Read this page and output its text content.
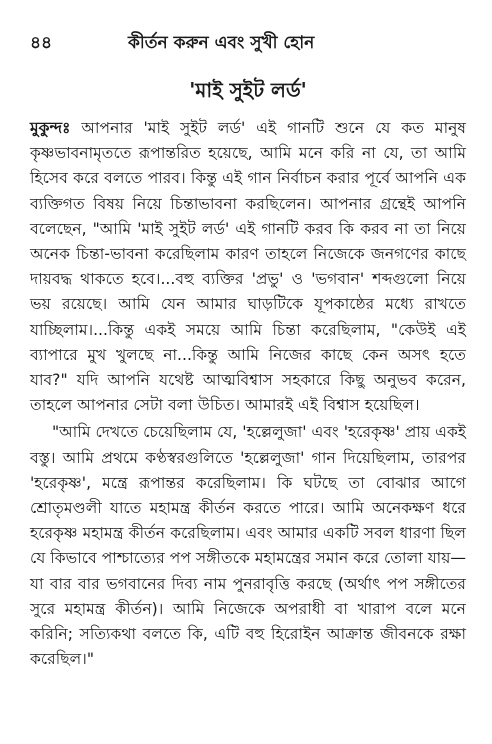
৪৪	কীর্তন করুন এবং সুখী হোন
'মাই সুইট লর্ড'

মুকুন্দঃ আপনার 'মাই সুইট লর্ড' এই গানটি শুনে যে কত মানুষ কৃষ্ণভাবনামৃততে রূপান্তরিত হয়েছে, আমি মনে করি না যে, তা আমি হিসেব করে বলতে পারব। কিন্তু এই গান নির্বাচন করার পূর্বে আপনি এক ব্যক্তিগত বিষয় নিয়ে চিন্তাভাবনা করছিলেন। আপনার গ্রন্থেই আপনি বলেছেন, "আমি 'মাই সুইট লর্ড' এই গানটি করব কি করব না তা নিয়ে অনেক চিন্তা-ভাবনা করেছিলাম কারণ তাহলে নিজেকে জনগণের কাছে দায়বদ্ধ থাকতে হবে।...বহু ব্যক্তির 'প্রভু' ও 'ভগবান' শব্দগুলো নিয়ে ভয় রয়েছে। আমি যেন আমার ঘাড়টিকে যূপকাষ্ঠের মধ্যে রাখতে যাচ্ছিলাম।...কিন্তু একই সময়ে আমি চিন্তা করেছিলাম, "কেউই এই ব্যাপারে মুখ খুলছে না...কিন্তু আমি নিজের কাছে কেন অসৎ হতে যাব?" যদি আপনি যথেষ্ট আত্মবিশ্বাস সহকারে কিছু অনুভব করেন, তাহলে আপনার সেটা বলা উচিত। আমারই এই বিশ্বাস হয়েছিল।

"আমি দেখতে চেয়েছিলাম যে, 'হল্লেলুজা' এবং 'হরেকৃষ্ণ' প্রায় একই বস্তু। আমি প্রথমে কণ্ঠস্বরগুলিতে 'হল্লেলুজা' গান দিয়েছিলাম, তারপর 'হরেকৃষ্ণ', মন্ত্রে রূপান্তর করেছিলাম। কি ঘটছে তা বোঝার আগে শ্রোতৃমণ্ডলী যাতে মহামন্ত্র কীর্তন করতে পারে। আমি অনেকক্ষণ ধরে হরেকৃষ্ণ মহামন্ত্র কীর্তন করেছিলাম। এবং আমার একটি সবল ধারণা ছিল যে কিভাবে পাশ্চাত্যের পপ সঙ্গীতকে মহামন্ত্রের সমান করে তোলা যায়—যা বার বার ভগবানের দিব্য নাম পুনরাবৃত্তি করছে (অর্থাৎ পপ সঙ্গীতের সুরে মহামন্ত্র কীর্তন)। আমি নিজেকে অপরাধী বা খারাপ বলে মনে করিনি; সত্যিকথা বলতে কি, এটি বহু হিরোইন আক্রান্ত জীবনকে রক্ষা করেছিল।"
